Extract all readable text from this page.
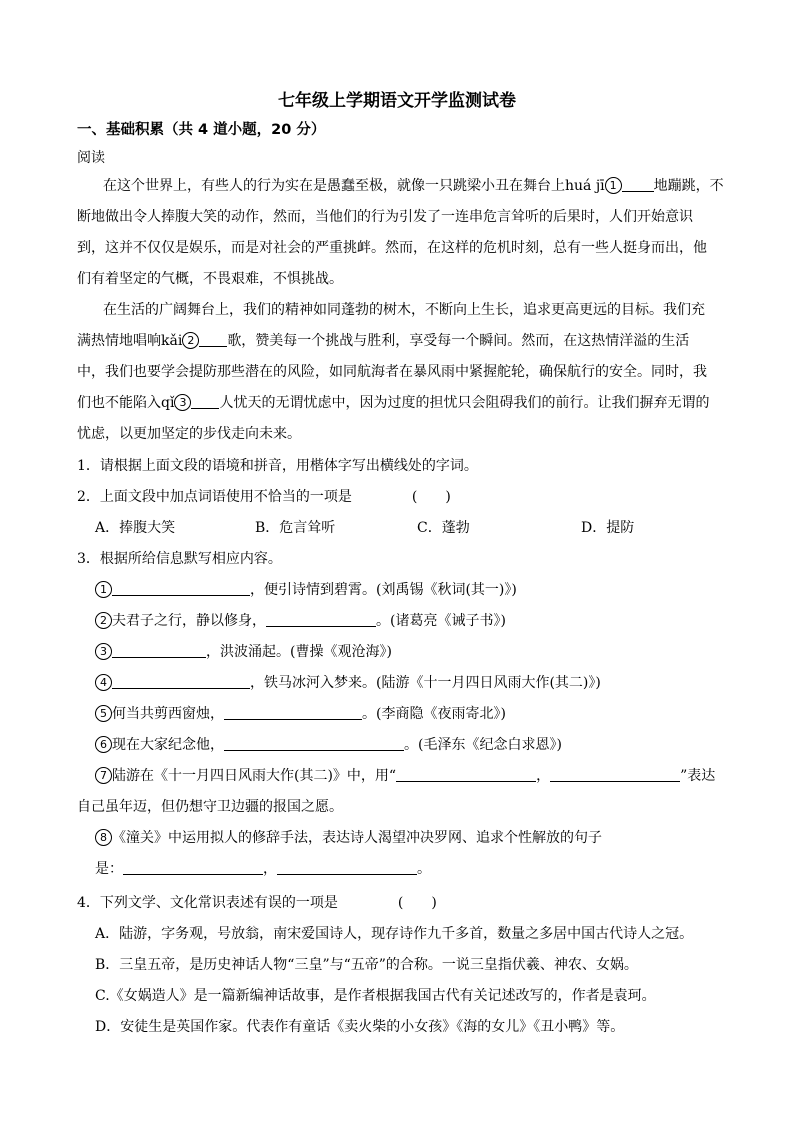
七年级上学期语文开学监测试卷
一、基础积累（共 4 道小题，20 分）
阅读
在这个世界上，有些人的行为实在是愚蠢至极，就像一只跳梁小丑在舞台上huá jī 1	地蹦跳，不
断地做出令人捧腹大笑的动作，然而，当他们的行为引发了一连串危言耸听的后果时，人们开始意识
到，这并不仅仅是娱乐，而是对社会的严重挑衅。然而，在这样的危机时刻，总有一些人挺身而出，他
们有着坚定的气概，不畏艰难，不惧挑战。
在生活的广阔舞台上，我们的精神如同蓬勃的树木，不断向上生长，追求更高更远的目标。我们充
满热情地唱响kǎi 2 歌，赞美每一个挑战与胜利，享受每一个瞬间。然而，在这热情洋溢的生活
中，我们也要学会提防那些潜在的风险，如同航海者在暴风雨中紧握舵轮，确保航行的安全。同时，我
们也不能陷入qǐ 3 人忧天的无谓忧虑中，因为过度的担忧只会阻碍我们的前行。让我们摒弃无谓的
忧虑，以更加坚定的步伐走向未来。
1．请根据上面文段的语境和拼音，用楷体字写出横线处的字词。
2．上面文段中加点词语使用不恰当的一项是	(　　)
A．捧腹大笑	B．危言耸听	C．蓬勃	D．提防
3．根据所给信息默写相应内容。
1	，便引诗情到碧霄。(刘禹锡《秋词(其一)》)
2 夫君子之行，静以修身，	。(诸葛亮《诫子书》)
3	，洪波涌起。(曹操《观沧海》)
4	，铁马冰河入梦来。(陆游《十一月四日风雨大作(其二)》)
5 何当共剪西窗烛，	。(李商隐《夜雨寄北》)
6 现在大家纪念他，	。(毛泽东《纪念白求恩》)
7 陆游在《十一月四日风雨大作(其二)》中，用“	，	”表达
自己虽年迈，但仍想守卫边疆的报国之愿。
8 《潼关》中运用拟人的修辞手法，表达诗人渴望冲决罗网、追求个性解放的句子
是：	，	。
4．下列文学、文化常识表述有误的一项是	(　　)
A．陆游，字务观，号放翁，南宋爱国诗人，现存诗作九千多首，数量之多居中国古代诗人之冠。
B．三皇五帝，是历史神话人物“三皇”与“五帝”的合称。一说三皇指伏羲、神农、女娲。
C.《女娲造人》是一篇新编神话故事，是作者根据我国古代有关记述改写的，作者是袁珂。
D．安徒生是英国作家。代表作有童话《卖火柴的小女孩》《海的女儿》《丑小鸭》等。
